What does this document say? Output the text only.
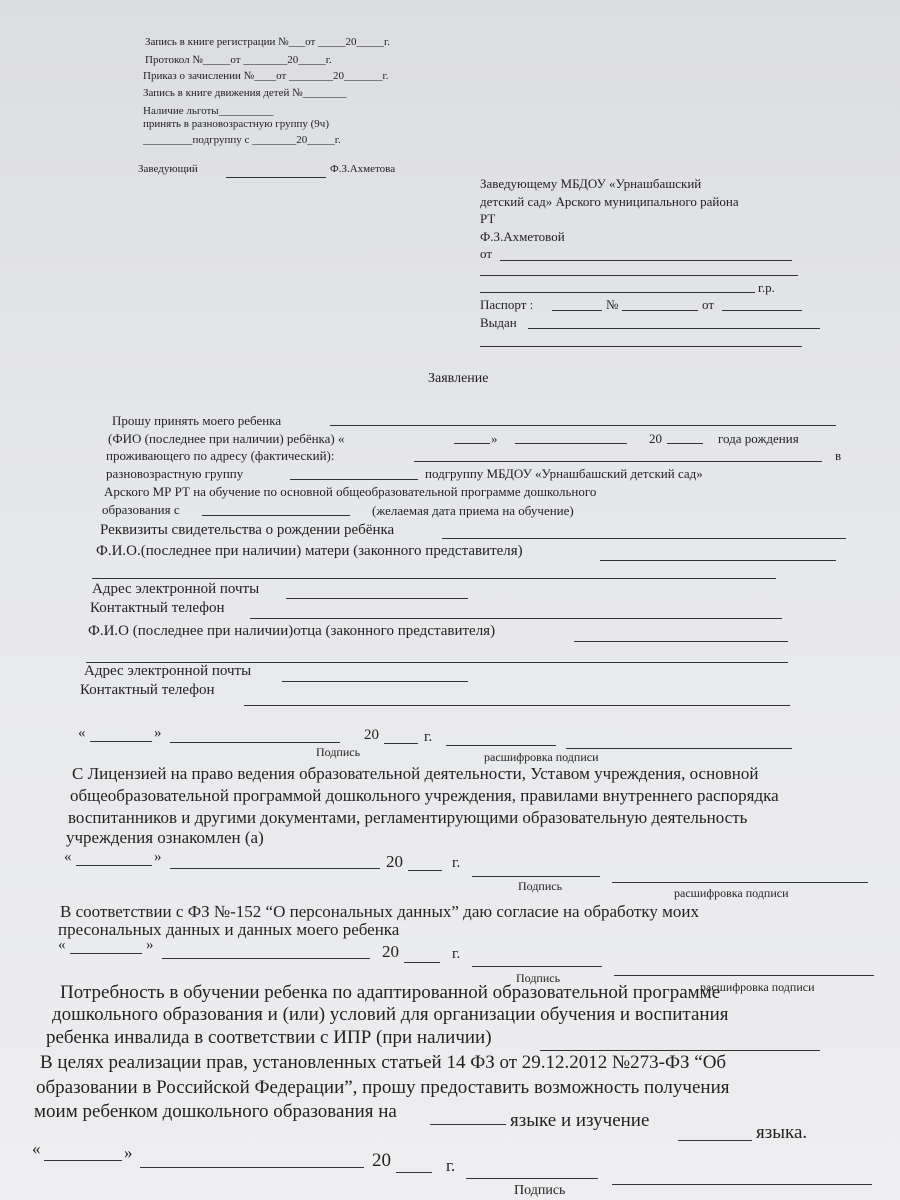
Запись в книге регистрации №___от _____20_____г.
Протокол №_____от ________20_____г.
Приказ о зачислении №____от ________20_______г.
Запись в книге движения детей №________
Наличие льготы__________
принять в разновозрастную группу (9ч)
_________подгруппу с ________20_____г.
Заведующий	Ф.З.Ахметова
Заведующему МБДОУ «Урнашбашский
детский сад» Арского муниципального района
РТ
Ф.З.Ахметовой
от
г.р.
Паспорт :	№	от
Выдан
Заявление
Прошу принять моего ребенка
(ФИО (последнее при наличии) ребёнка) «	»	20	года рождения
проживающего по адресу (фактический):	в
разновозрастную группу	подгруппу МБДОУ «Урнашбашский детский сад»
Арского МР РТ на обучение по основной общеобразовательной программе дошкольного
образования с	(желаемая дата приема на обучение)
Реквизиты свидетельства о рождении ребёнка
Ф.И.О.(последнее при наличии) матери (законного представителя)
Адрес электронной почты
Контактный телефон
Ф.И.О (последнее при наличии)отца (законного представителя)
Адрес электронной почты
Контактный телефон
«	»	20	г.
Подпись	расшифровка подписи
С Лицензией на право ведения образовательной деятельности, Уставом учреждения, основной
общеобразовательной программой дошкольного учреждения, правилами внутреннего распорядка
воспитанников и другими документами, регламентирующими образовательную деятельность
учреждения ознакомлен (а)
«	»	20	г.
Подпись	расшифровка подписи
В соответствии с ФЗ №-152 “О персональных данных” даю согласие на обработку моих
пресональных данных и данных моего ребенка
«	»	20	г.
Подпись
расшифровка подписи
Потребность в обучении ребенка по адаптированной образовательной программе
дошкольного образования и (или) условий для организации обучения и воспитания
ребенка инвалида в соответствии с ИПР (при наличии)
В целях реализации прав, установленных статьей 14 ФЗ от 29.12.2012 №273-ФЗ “Об
образовании в Российской Федерации”, прошу предоставить возможность получения
моим ребенком дошкольного образования на	языке и изучение
языка.
«	»	20	г.
Подпись
